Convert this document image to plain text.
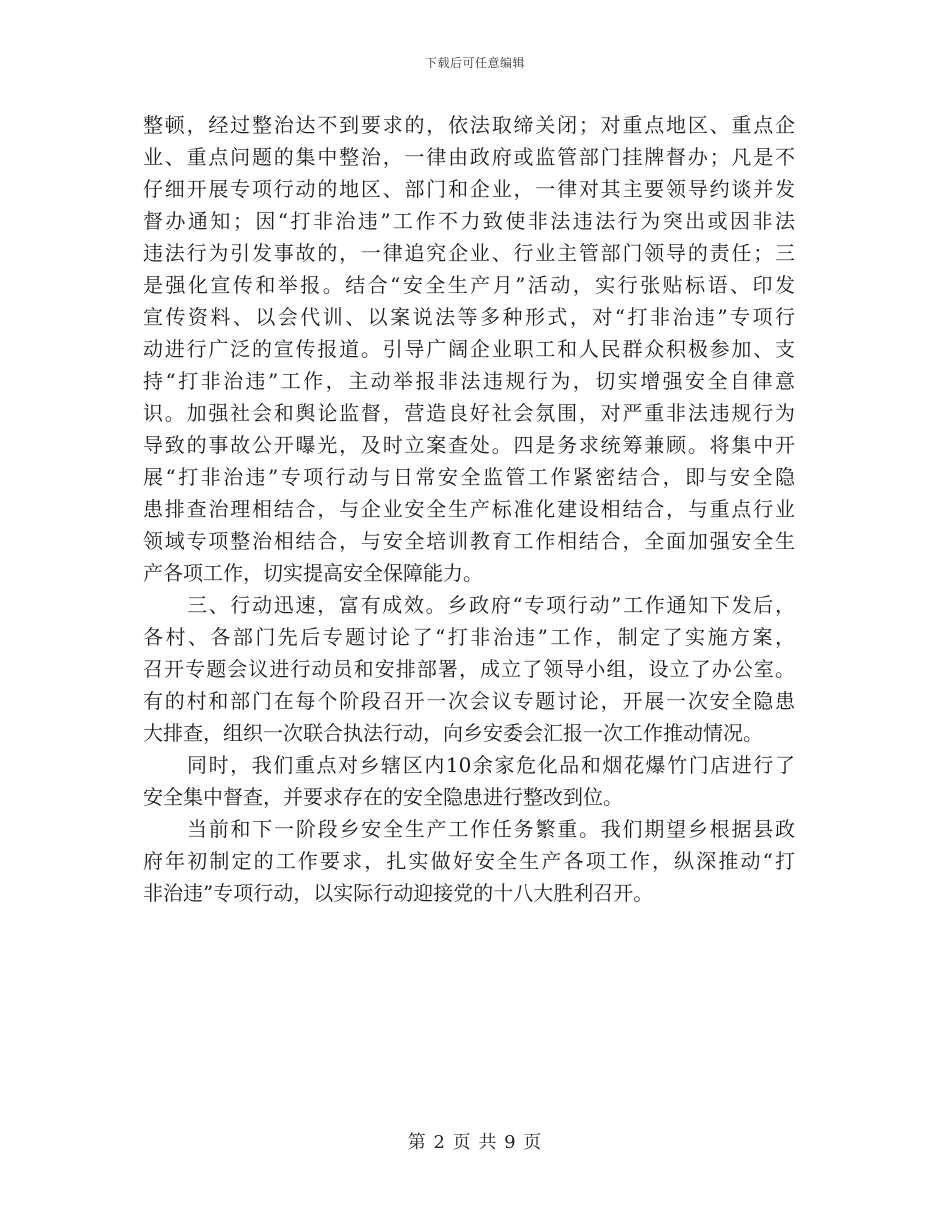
下载后可任意编辑
整顿，经过整治达不到要求的，依法取缔关闭；对重点地区、重点企
业、重点问题的集中整治，一律由政府或监管部门挂牌督办；凡是不
仔细开展专项行动的地区、部门和企业，一律对其主要领导约谈并发
督办通知；因“打非治违”工作不力致使非法违法行为突出或因非法
违法行为引发事故的，一律追究企业、行业主管部门领导的责任；三
是强化宣传和举报。结合“安全生产月”活动，实行张贴标语、印发
宣传资料、以会代训、以案说法等多种形式，对“打非治违”专项行
动进行广泛的宣传报道。引导广阔企业职工和人民群众积极参加、支
持“打非治违”工作，主动举报非法违规行为，切实增强安全自律意
识。加强社会和舆论监督，营造良好社会氛围，对严重非法违规行为
导致的事故公开曝光，及时立案查处。四是务求统筹兼顾。将集中开
展“打非治违”专项行动与日常安全监管工作紧密结合，即与安全隐
患排查治理相结合，与企业安全生产标准化建设相结合，与重点行业
领域专项整治相结合，与安全培训教育工作相结合，全面加强安全生
产各项工作，切实提高安全保障能力。
三、行动迅速，富有成效。乡政府“专项行动”工作通知下发后，
各村、各部门先后专题讨论了“打非治违”工作，制定了实施方案，
召开专题会议进行动员和安排部署，成立了领导小组，设立了办公室。
有的村和部门在每个阶段召开一次会议专题讨论，开展一次安全隐患
大排查，组织一次联合执法行动，向乡安委会汇报一次工作推动情况。
同时，我们重点对乡辖区内10余家危化品和烟花爆竹门店进行了
安全集中督查，并要求存在的安全隐患进行整改到位。
当前和下一阶段乡安全生产工作任务繁重。我们期望乡根据县政
府年初制定的工作要求，扎实做好安全生产各项工作，纵深推动“打
非治违”专项行动，以实际行动迎接党的十八大胜利召开。
第 2 页 共 9 页
